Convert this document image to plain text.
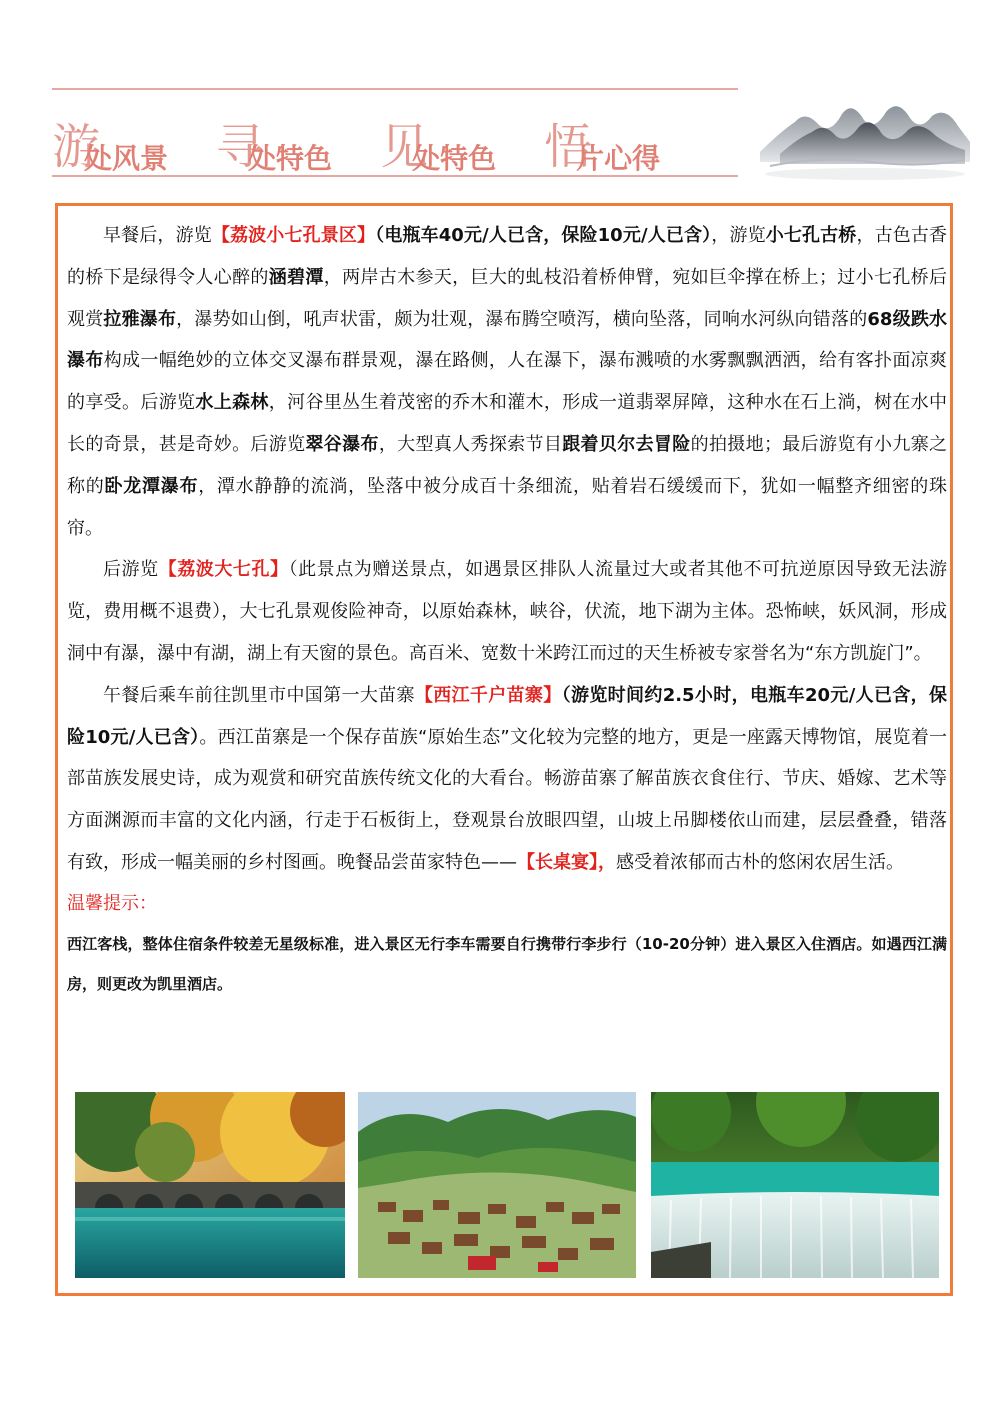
游处风景 寻处特色 见处特色 悟片心得

早餐后，游览【荔波小七孔景区】（电瓶车40元/人已含，保险10元/人已含），游览小七孔古桥，古色古香的桥下是绿得令人心醉的涵碧潭，两岸古木参天，巨大的虬枝沿着桥伸臂，宛如巨伞撑在桥上；过小七孔桥后观赏拉雅瀑布，瀑势如山倒，吼声状雷，颇为壮观，瀑布腾空喷泻，横向坠落，同响水河纵向错落的68级跌水瀑布构成一幅绝妙的立体交叉瀑布群景观，瀑在路侧，人在瀑下，瀑布溅喷的水雾飘飘洒洒，给有客扑面凉爽的享受。后游览水上森林，河谷里丛生着茂密的乔木和灌木，形成一道翡翠屏障，这种水在石上淌，树在水中长的奇景，甚是奇妙。后游览翠谷瀑布，大型真人秀探索节目跟着贝尔去冒险的拍摄地；最后游览有小九寨之称的卧龙潭瀑布，潭水静静的流淌，坠落中被分成百十条细流，贴着岩石缓缓而下，犹如一幅整齐细密的珠帘。

后游览【荔波大七孔】（此景点为赠送景点，如遇景区排队人流量过大或者其他不可抗逆原因导致无法游览，费用概不退费），大七孔景观俊险神奇，以原始森林，峡谷，伏流，地下湖为主体。恐怖峡，妖风洞，形成洞中有瀑，瀑中有湖，湖上有天窗的景色。高百米、宽数十米跨江而过的天生桥被专家誉名为“东方凯旋门”。

午餐后乘车前往凯里市中国第一大苗寨【西江千户苗寨】（游览时间约2.5小时，电瓶车20元/人已含，保险10元/人已含）。西江苗寨是一个保存苗族“原始生态”文化较为完整的地方，更是一座露天博物馆，展览着一部苗族发展史诗，成为观赏和研究苗族传统文化的大看台。畅游苗寨了解苗族衣食住行、节庆、婚嫁、艺术等方面渊源而丰富的文化内涵，行走于石板街上，登观景台放眼四望，山坡上吊脚楼依山而建，层层叠叠，错落有致，形成一幅美丽的乡村图画。晚餐品尝苗家特色——【长桌宴】，感受着浓郁而古朴的悠闲农居生活。

温馨提示：

西江客栈，整体住宿条件较差无星级标准，进入景区无行李车需要自行携带行李步行（10-20分钟）进入景区入住酒店。如遇西江满房，则更改为凯里酒店。
